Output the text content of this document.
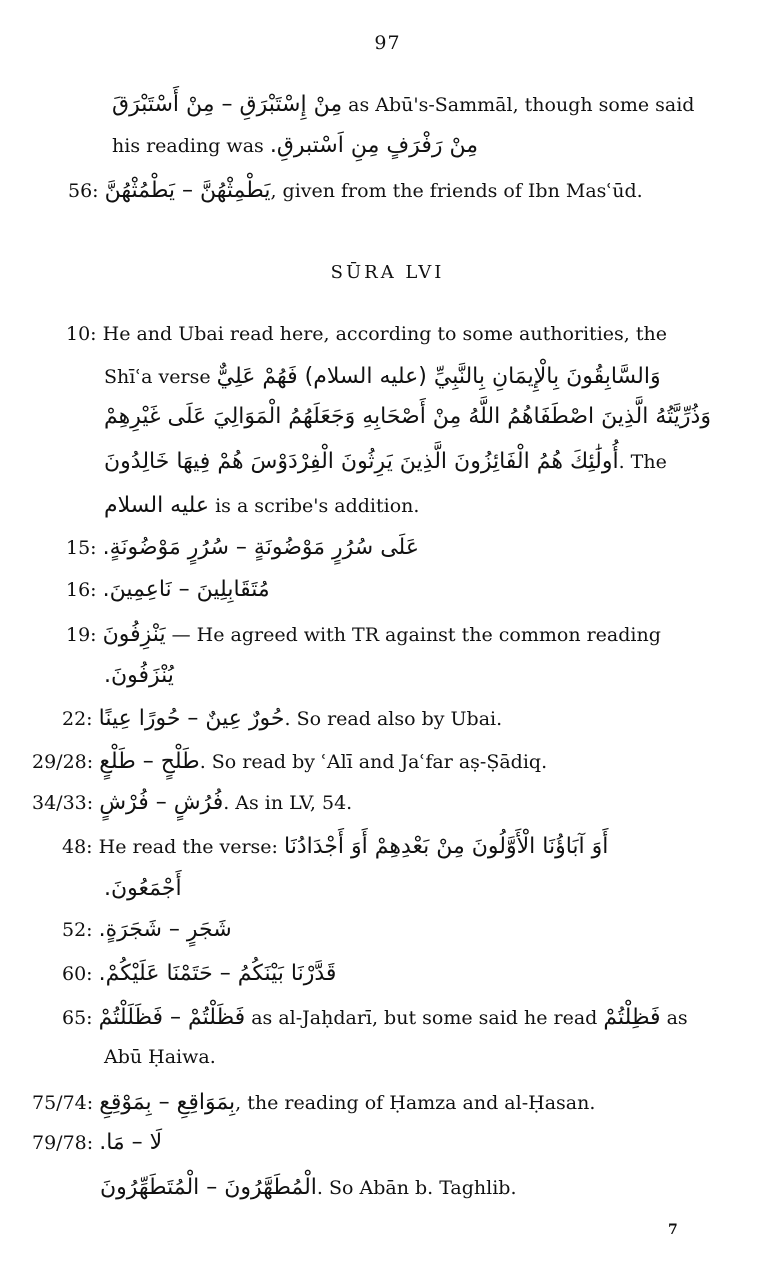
97
مِنْ إِسْتَبْرَقِ – مِنْ أَسْتَبْرَقَ as Abū's-Sammāl, though some said
his reading was مِنْ رَفْرَفٍ مِنِ اَسْتبرقِ.
56: يَطْمِثْهُنَّ – يَطْمُثْهُنَّ, given from the friends of Ibn Masʿūd.
SŪRA LVI
10: He and Ubai read here, according to some authorities, the
Shīʿa verse وَالسَّابِقُونَ بِالْإِيمَانِ بِالنَّبِيِّ (عليه السلام) فَهُمْ عَلِيٌّ
وَذُرِّيَّتُهُ الَّذِينَ اصْطَفَاهُمُ اللَّهُ مِنْ أَصْحَابِهِ وَجَعَلَهُمُ الْمَوَالِيَ عَلَى غَيْرِهِمْ
أُولَٰئِكَ هُمُ الْفَائِزُونَ الَّذِينَ يَرِثُونَ الْفِرْدَوْسَ هُمْ فِيهَا خَالِدُونَ. The
عليه السلام is a scribe's addition.
15: عَلَى سُرُرٍ مَوْضُونَةٍ – سُرُرٍ مَوْضُونَةٍ.
16: مُتَقَابِلِينَ – نَاعِمِينَ.
19: يَنْزِفُونَ — He agreed with TR against the common reading
يُنْزَفُونَ.
22: حُورٌ عِينٌ – حُورًا عِينًا. So read also by Ubai.
29/28: طَلْحٍ – طَلْعٍ. So read by ʿAlī and Jaʿfar aṣ-Ṣādiq.
34/33: فُرُشٍ – فُرْشٍ. As in LV, 54.
48: He read the verse: أَوَ آبَاؤُنَا الْأَوَّلُونَ مِنْ بَعْدِهِمْ أَوَ أَجْدَادُنَا
أَجْمَعُونَ.
52: شَجَرٍ – شَجَرَةٍ.
60: قَدَّرْنَا بَيْنَكُمُ – حَتَمْنَا عَلَيْكُمْ.
65: فَظَلْتُمْ – فَظَلَلْتُمْ as al-Jaḥdarī, but some said he read فَظِلْتُمْ as
Abū Ḥaiwa.
75/74: بِمَوَاقِعِ – بِمَوْقِعِ, the reading of Ḥamza and al-Ḥasan.
79/78: لَا – مَا.
الْمُطَهَّرُونَ – الْمُتَطَهِّرُونَ. So Abān b. Taghlib.
7
